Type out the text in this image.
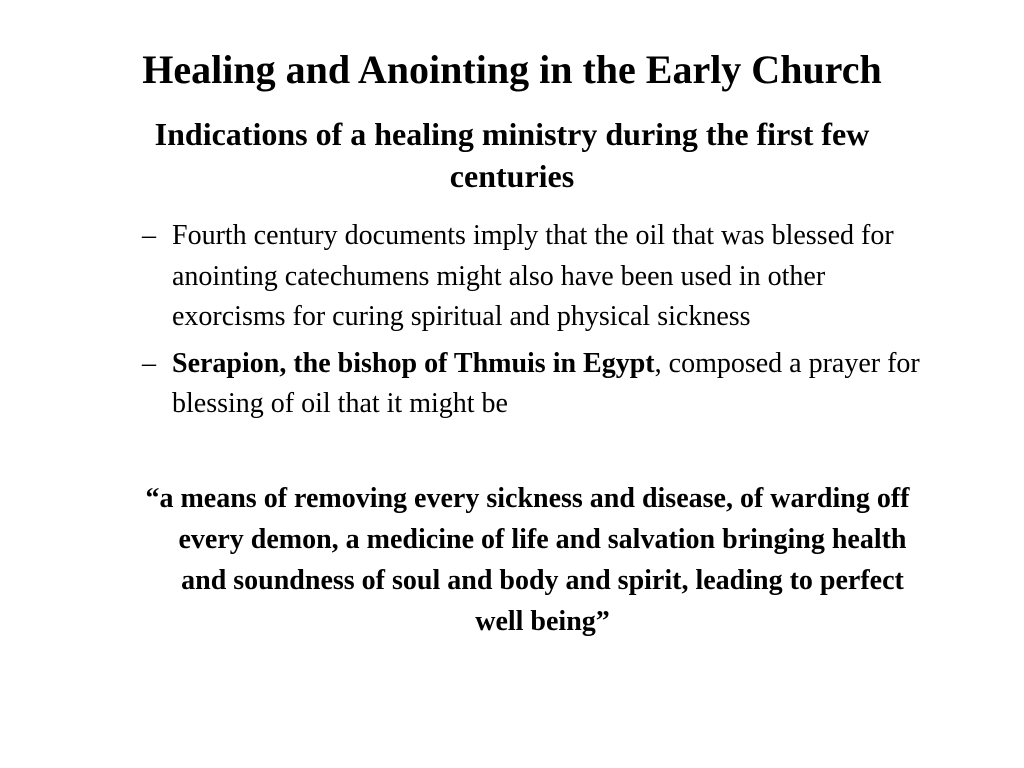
Healing and Anointing in the Early Church
Indications of a healing ministry during the first few centuries
– Fourth century documents imply that the oil that was blessed for anointing catechumens might also have been used in other exorcisms for curing spiritual and physical sickness
– Serapion, the bishop of Thmuis in Egypt, composed a prayer for blessing of oil that it might be

“a means of removing every sickness and disease, of warding off every demon, a medicine of life and salvation bringing health and soundness of soul and body and spirit, leading to perfect well being”
